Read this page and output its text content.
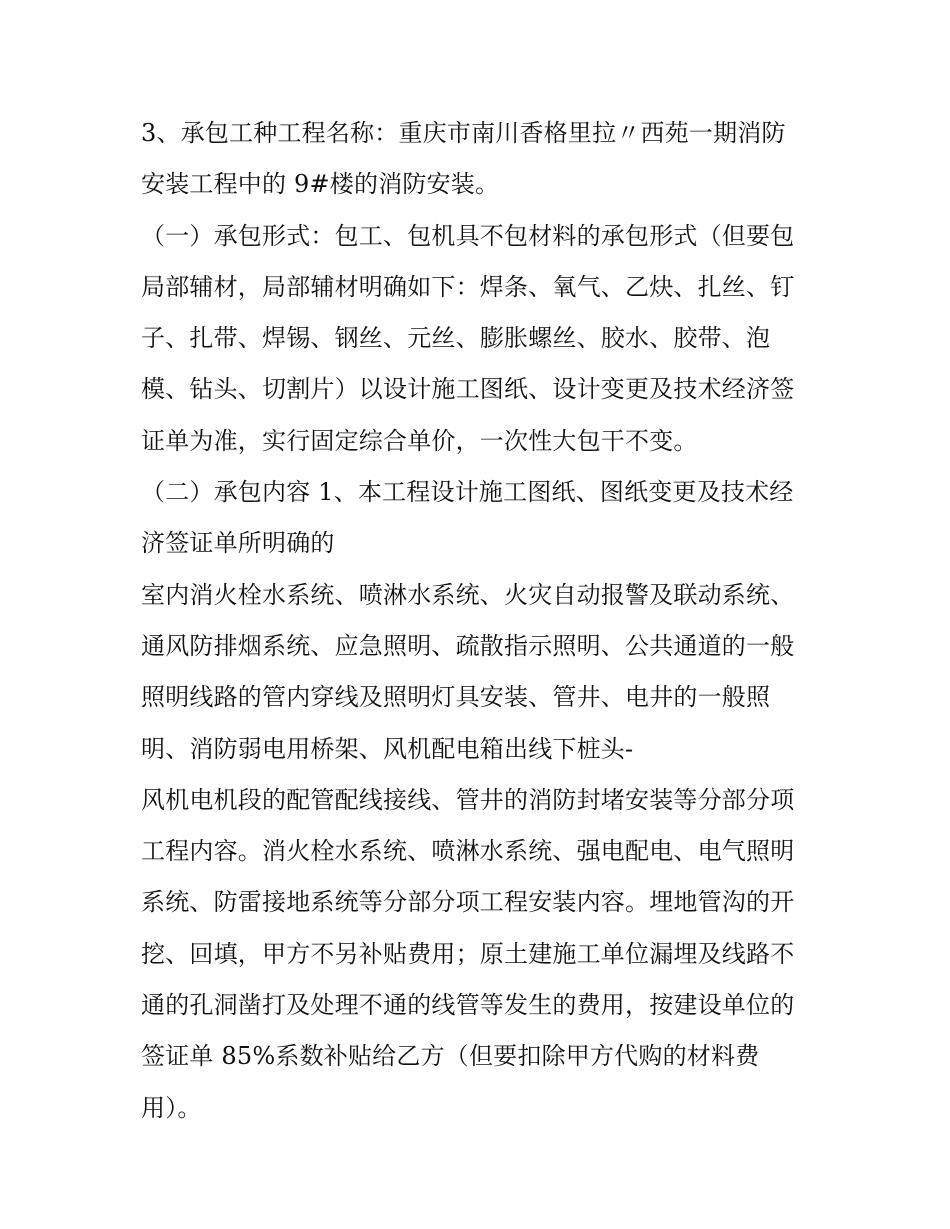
3、承包工种工程名称：重庆市南川香格里拉〃西苑一期消防
安装工程中的 9#楼的消防安装。
（一）承包形式：包工、包机具不包材料的承包形式（但要包
局部辅材，局部辅材明确如下：焊条、氧气、乙炔、扎丝、钉
子、扎带、焊锡、钢丝、元丝、膨胀螺丝、胶水、胶带、泡
模、钻头、切割片）以设计施工图纸、设计变更及技术经济签
证单为准，实行固定综合单价，一次性大包干不变。
（二）承包内容 1、本工程设计施工图纸、图纸变更及技术经
济签证单所明确的
室内消火栓水系统、喷淋水系统、火灾自动报警及联动系统、
通风防排烟系统、应急照明、疏散指示照明、公共通道的一般
照明线路的管内穿线及照明灯具安装、管井、电井的一般照
明、消防弱电用桥架、风机配电箱出线下桩头-
风机电机段的配管配线接线、管井的消防封堵安装等分部分项
工程内容。消火栓水系统、喷淋水系统、强电配电、电气照明
系统、防雷接地系统等分部分项工程安装内容。埋地管沟的开
挖、回填，甲方不另补贴费用；原土建施工单位漏埋及线路不
通的孔洞凿打及处理不通的线管等发生的费用，按建设单位的
签证单 85%系数补贴给乙方（但要扣除甲方代购的材料费
用）。
